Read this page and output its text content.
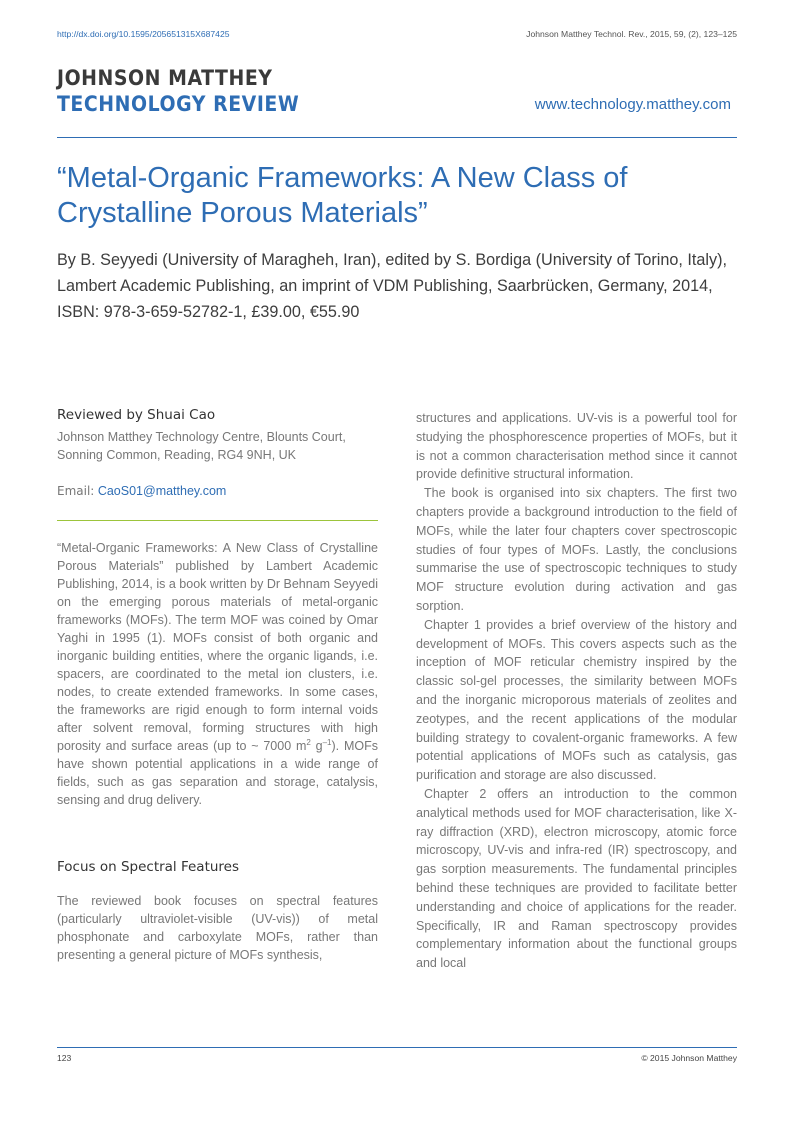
http://dx.doi.org/10.1595/205651315X687425	Johnson Matthey Technol. Rev., 2015, 59, (2), 123–125
JOHNSON MATTHEY
TECHNOLOGY REVIEW	www.technology.matthey.com
“Metal-Organic Frameworks: A New Class of Crystalline Porous Materials”
By B. Seyyedi (University of Maragheh, Iran), edited by S. Bordiga (University of Torino, Italy), Lambert Academic Publishing, an imprint of VDM Publishing, Saarbrücken, Germany, 2014, ISBN: 978-3-659-52782-1, £39.00, €55.90
Reviewed by Shuai Cao
Johnson Matthey Technology Centre, Blounts Court, Sonning Common, Reading, RG4 9NH, UK
Email: CaoS01@matthey.com

“Metal-Organic Frameworks: A New Class of Crystalline Porous Materials” published by Lambert Academic Publishing, 2014, is a book written by Dr Behnam Seyyedi on the emerging porous materials of metal-organic frameworks (MOFs). The term MOF was coined by Omar Yaghi in 1995 (1). MOFs consist of both organic and inorganic building entities, where the organic ligands, i.e. spacers, are coordinated to the metal ion clusters, i.e. nodes, to create extended frameworks. In some cases, the frameworks are rigid enough to form internal voids after solvent removal, forming structures with high porosity and surface areas (up to ~ 7000 $m^2$ $g^{-1}$). MOFs have shown potential applications in a wide range of fields, such as gas separation and storage, catalysis, sensing and drug delivery.

Focus on Spectral Features

The reviewed book focuses on spectral features (particularly ultraviolet-visible (UV-vis)) of metal phosphonate and carboxylate MOFs, rather than presenting a general picture of MOFs synthesis,

structures and applications. UV-vis is a powerful tool for studying the phosphorescence properties of MOFs, but it is not a common characterisation method since it cannot provide definitive structural information.

The book is organised into six chapters. The first two chapters provide a background introduction to the field of MOFs, while the later four chapters cover spectroscopic studies of four types of MOFs. Lastly, the conclusions summarise the use of spectroscopic techniques to study MOF structure evolution during activation and gas sorption.

Chapter 1 provides a brief overview of the history and development of MOFs. This covers aspects such as the inception of MOF reticular chemistry inspired by the classic sol-gel processes, the similarity between MOFs and the inorganic microporous materials of zeolites and zeotypes, and the recent applications of the modular building strategy to covalent-organic frameworks. A few potential applications of MOFs such as catalysis, gas purification and storage are also discussed.

Chapter 2 offers an introduction to the common analytical methods used for MOF characterisation, like X-ray diffraction (XRD), electron microscopy, atomic force microscopy, UV-vis and infra-red (IR) spectroscopy, and gas sorption measurements. The fundamental principles behind these techniques are provided to facilitate better understanding and choice of applications for the reader. Specifically, IR and Raman spectroscopy provides complementary information about the functional groups and local

123	© 2015 Johnson Matthey
